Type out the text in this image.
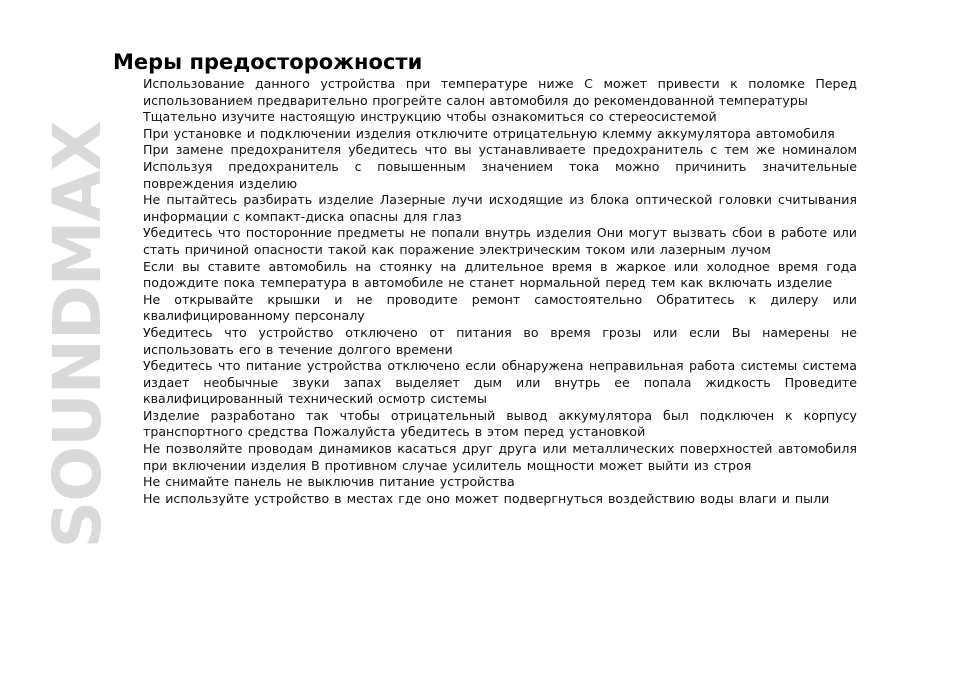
SOUNDMAX
Меры предосторожности
Использование данного устройства при температуре ниже С может привести к поломке Перед использованием предварительно прогрейте салон автомобиля до рекомендованной температуры
Тщательно изучите настоящую инструкцию чтобы ознакомиться со стереосистемой
При установке и подключении изделия отключите отрицательную клемму аккумулятора автомобиля
При замене предохранителя убедитесь что вы устанавливаете предохранитель с тем же номиналом Используя предохранитель с повышенным значением тока можно причинить значительные повреждения изделию
Не пытайтесь разбирать изделие Лазерные лучи исходящие из блока оптической головки считывания информации с компакт-диска опасны для глаз
Убедитесь что посторонние предметы не попали внутрь изделия Они могут вызвать сбои в работе или стать причиной опасности такой как поражение электрическим током или лазерным лучом
Если вы ставите автомобиль на стоянку на длительное время в жаркое или холодное время года подождите пока температура в автомобиле не станет нормальной перед тем как включать изделие
Не открывайте крышки и не проводите ремонт самостоятельно Обратитесь к дилеру или квалифицированному персоналу
Убедитесь что устройство отключено от питания во время грозы или если Вы намерены не использовать его в течение долгого времени
Убедитесь что питание устройства отключено если обнаружена неправильная работа системы система издает необычные звуки запах выделяет дым или внутрь ее попала жидкость Проведите квалифицированный технический осмотр системы
Изделие разработано так чтобы отрицательный вывод аккумулятора был подключен к корпусу транспортного средства Пожалуйста убедитесь в этом перед установкой
Не позволяйте проводам динамиков касаться друг друга или металлических поверхностей автомобиля при включении изделия В противном случае усилитель мощности может выйти из строя
Не снимайте панель не выключив питание устройства
Не используйте устройство в местах где оно может подвергнуться воздействию воды влаги и пыли
